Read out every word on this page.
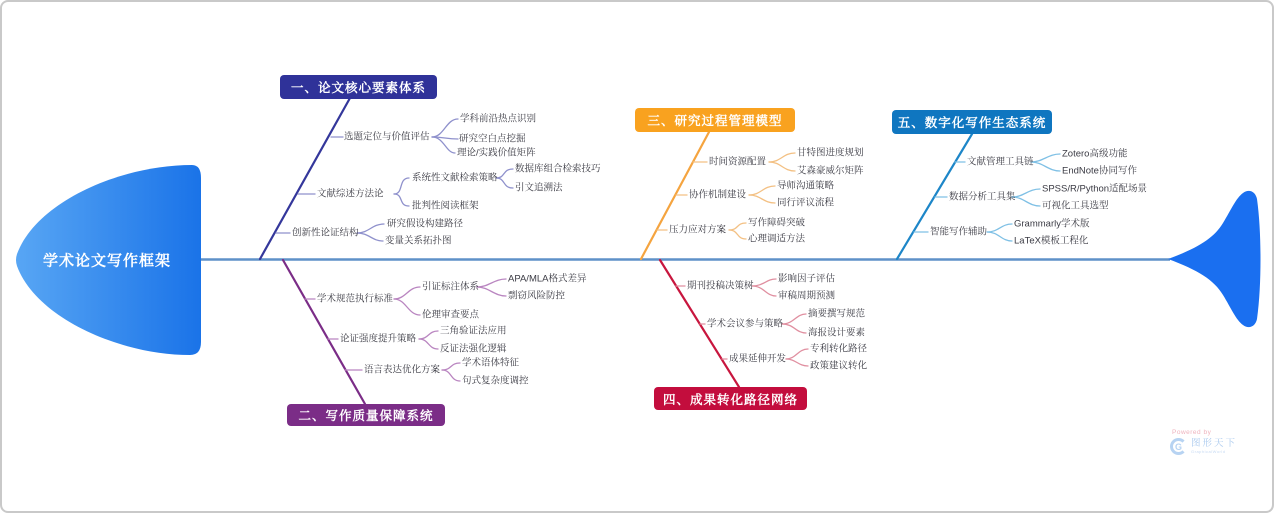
学术论文写作框架
一、论文核心要素体系
二、写作质量保障系统
三、研究过程管理模型
四、成果转化路径网络
五、数字化写作生态系统
选题定位与价值评估
学科前沿热点识别
研究空白点挖掘
理论/实践价值矩阵
文献综述方法论
系统性文献检索策略
数据库组合检索技巧
引文追溯法
批判性阅读框架
创新性论证结构
研究假设构建路径
变量关系拓扑图
学术规范执行标准
引证标注体系
APA/MLA格式差异
剽窃风险防控
伦理审查要点
论证强度提升策略
三角验证法应用
反证法强化逻辑
语言表达优化方案
学术语体特征
句式复杂度调控
时间资源配置
甘特图进度规划
艾森豪威尔矩阵
协作机制建设
导师沟通策略
同行评议流程
压力应对方案
写作障碍突破
心理调适方法
期刊投稿决策树
影响因子评估
审稿周期预测
学术会议参与策略
摘要撰写规范
海报设计要素
成果延伸开发
专利转化路径
政策建议转化
文献管理工具链
Zotero高级功能
EndNote协同写作
数据分析工具集
SPSS/R/Python适配场景
可视化工具选型
智能写作辅助
Grammarly学术版
LaTeX模板工程化
Powered by
G 图形天下
GraphicalWorld
